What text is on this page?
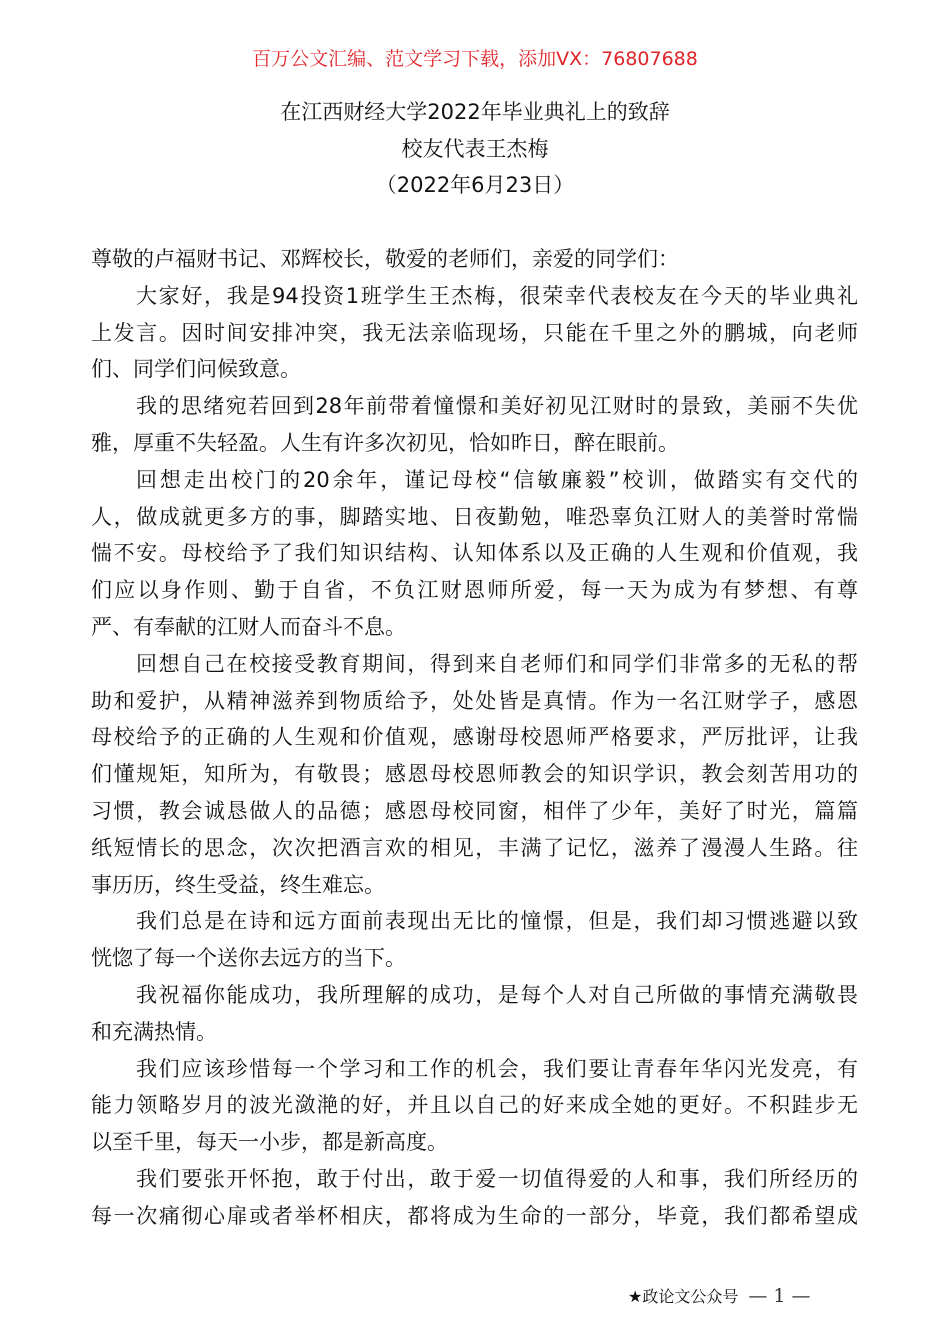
百万公文汇编、范文学习下载，添加VX：76807688
在江西财经大学2022年毕业典礼上的致辞
校友代表王杰梅
（2022年6月23日）
尊敬的卢福财书记、邓辉校长，敬爱的老师们，亲爱的同学们：
大家好，我是94投资1班学生王杰梅，很荣幸代表校友在今天的毕业典礼
上发言。因时间安排冲突，我无法亲临现场，只能在千里之外的鹏城，向老师
们、同学们问候致意。
我的思绪宛若回到28年前带着憧憬和美好初见江财时的景致，美丽不失优
雅，厚重不失轻盈。人生有许多次初见，恰如昨日，醉在眼前。
回想走出校门的20余年，谨记母校“信敏廉毅”校训，做踏实有交代的
人，做成就更多方的事，脚踏实地、日夜勤勉，唯恐辜负江财人的美誉时常惴
惴不安。母校给予了我们知识结构、认知体系以及正确的人生观和价值观，我
们应以身作则、勤于自省，不负江财恩师所爱，每一天为成为有梦想、有尊
严、有奉献的江财人而奋斗不息。
回想自己在校接受教育期间，得到来自老师们和同学们非常多的无私的帮
助和爱护，从精神滋养到物质给予，处处皆是真情。作为一名江财学子，感恩
母校给予的正确的人生观和价值观，感谢母校恩师严格要求，严厉批评，让我
们懂规矩，知所为，有敬畏；感恩母校恩师教会的知识学识，教会刻苦用功的
习惯，教会诚恳做人的品德；感恩母校同窗，相伴了少年，美好了时光，篇篇
纸短情长的思念，次次把酒言欢的相见，丰满了记忆，滋养了漫漫人生路。往
事历历，终生受益，终生难忘。
我们总是在诗和远方面前表现出无比的憧憬，但是，我们却习惯逃避以致
恍惚了每一个送你去远方的当下。
我祝福你能成功，我所理解的成功，是每个人对自己所做的事情充满敬畏
和充满热情。
我们应该珍惜每一个学习和工作的机会，我们要让青春年华闪光发亮，有
能力领略岁月的波光潋滟的好，并且以自己的好来成全她的更好。不积跬步无
以至千里，每天一小步，都是新高度。
我们要张开怀抱，敢于付出，敢于爱一切值得爱的人和事，我们所经历的
每一次痛彻心扉或者举杯相庆，都将成为生命的一部分，毕竟，我们都希望成
★政论文公众号 — 1 —
